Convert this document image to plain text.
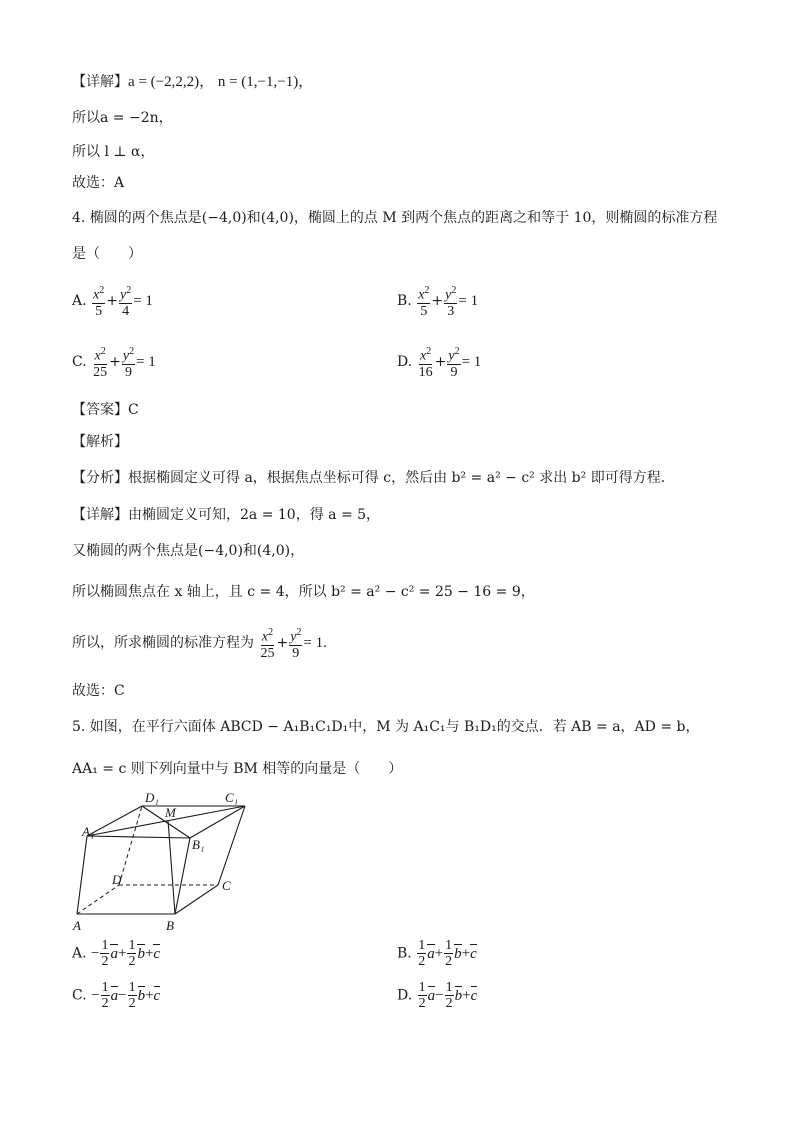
【详解】a = (−2,2,2)， n = (1,−1,−1)，
所以a = −2n，
所以 l ⊥ α，
故选：A
4. 椭圆的两个焦点是(−4,0)和(4,0)，椭圆上的点 M 到两个焦点的距离之和等于 10，则椭圆的标准方程
是（　　）
A. $\frac{x^2}{5} + \frac{y^2}{4} = 1$	B. $\frac{x^2}{5} + \frac{y^2}{3} = 1$
C. $\frac{x^2}{25} + \frac{y^2}{9} = 1$	D. $\frac{x^2}{16} + \frac{y^2}{9} = 1$
【答案】C
【解析】
【分析】根据椭圆定义可得 a，根据焦点坐标可得 c，然后由 b² = a² − c² 求出 b² 即可得方程.
【详解】由椭圆定义可知，2a = 10，得 a = 5，
又椭圆的两个焦点是(−4,0)和(4,0)，
所以椭圆焦点在 x 轴上，且 c = 4，所以 b² = a² − c² = 25 − 16 = 9，
所以，所求椭圆的标准方程为 $\frac{x^2}{25} + \frac{y^2}{9} = 1$.
故选：C
5. 如图，在平行六面体 ABCD − A₁B₁C₁D₁中，M 为 A₁C₁与 B₁D₁的交点．若 AB = a，AD = b，
AA₁ = c 则下列向量中与 BM 相等的向量是（　　）
D₁	C₁
M
A₁
B₁
D	C
A	B
A. − $\frac{1}{2} a+ \frac{1}{2} b+c$	B. $\frac{1}{2} a+ \frac{1}{2} b+c$
C. − $\frac{1}{2} a- \frac{1}{2} b+c$	D. $\frac{1}{2} a- \frac{1}{2} b+c$
